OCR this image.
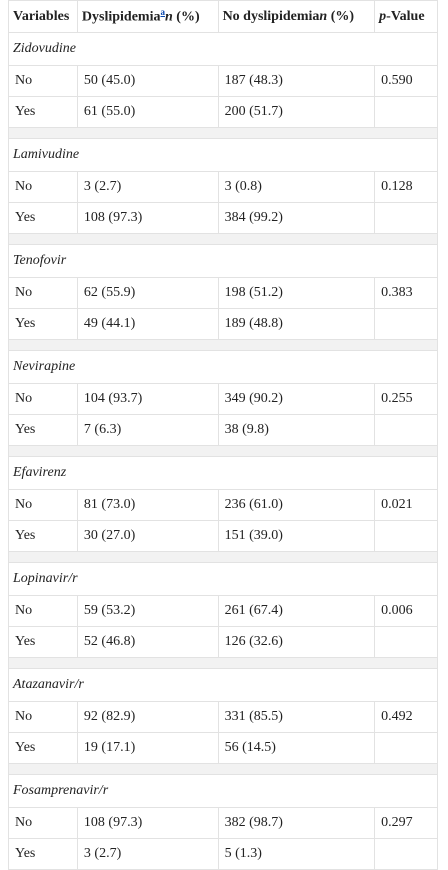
Variables	Dyslipidemia$^a$n (%)	No dyslipidemian (%)	p-Value
Zidovudine			
No	50 (45.0)	187 (48.3)	0.590
Yes	61 (55.0)	200 (51.7)	

Lamivudine			
No	3 (2.7)	3 (0.8)	0.128
Yes	108 (97.3)	384 (99.2)	

Tenofovir			
No	62 (55.9)	198 (51.2)	0.383
Yes	49 (44.1)	189 (48.8)	

Nevirapine			
No	104 (93.7)	349 (90.2)	0.255
Yes	7 (6.3)	38 (9.8)	

Efavirenz			
No	81 (73.0)	236 (61.0)	0.021
Yes	30 (27.0)	151 (39.0)	

Lopinavir/r			
No	59 (53.2)	261 (67.4)	0.006
Yes	52 (46.8)	126 (32.6)	

Atazanavir/r			
No	92 (82.9)	331 (85.5)	0.492
Yes	19 (17.1)	56 (14.5)	

Fosamprenavir/r			
No	108 (97.3)	382 (98.7)	0.297
Yes	3 (2.7)	5 (1.3)	
